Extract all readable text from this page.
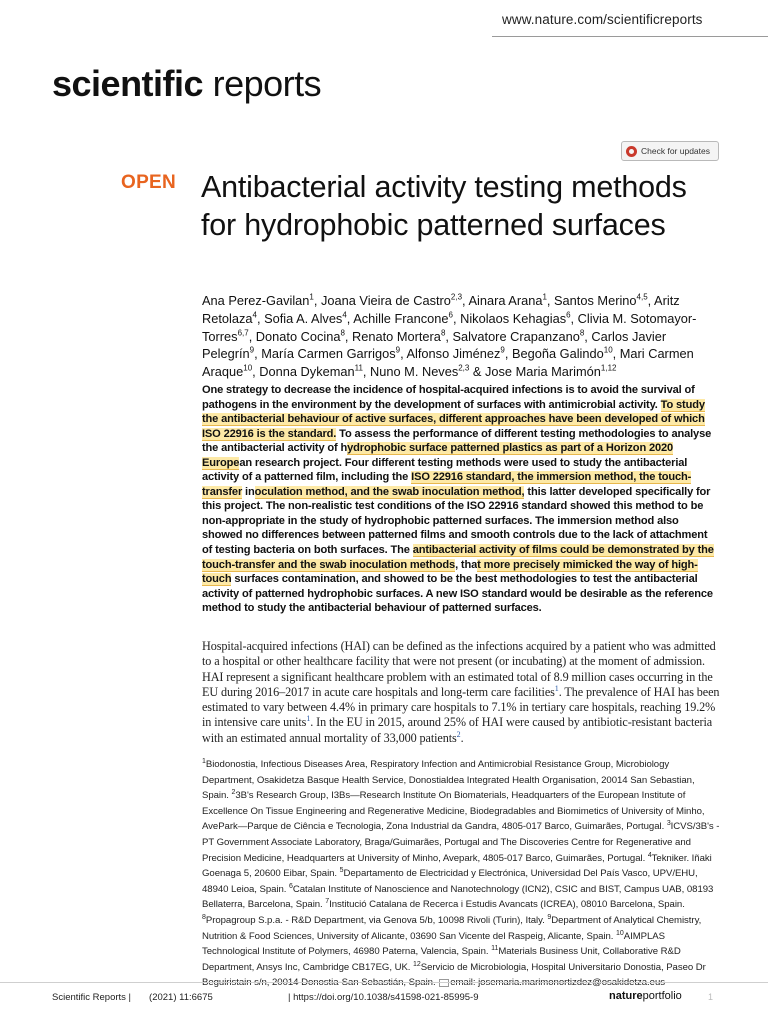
www.nature.com/scientificreports
scientific reports
Check for updates
OPEN Antibacterial activity testing methods for hydrophobic patterned surfaces

Ana Perez-Gavilan$^1$, Joana Vieira de Castro$^{2,3}$, Ainara Arana$^1$, Santos Merino$^{4,5}$, Aritz Retolaza$^4$, Sofia A. Alves$^4$, Achille Francone$^6$, Nikolaos Kehagias$^6$, Clivia M. Sotomayor-Torres$^{6,7}$, Donato Cocina$^8$, Renato Mortera$^8$, Salvatore Crapanzano$^8$, Carlos Javier Pelegrín$^9$, María Carmen Garrigos$^9$, Alfonso Jiménez$^9$, Begoña Galindo$^{10}$, Mari Carmen Araque$^{10}$, Donna Dykeman$^{11}$, Nuno M. Neves$^{2,3}$ & Jose Maria Marimón$^{1,12}$

One strategy to decrease the incidence of hospital-acquired infections is to avoid the survival of pathogens in the environment by the development of surfaces with antimicrobial activity. To study the antibacterial behaviour of active surfaces, different approaches have been developed of which ISO 22916 is the standard. To assess the performance of different testing methodologies to analyse the antibacterial activity of hydrophobic surface patterned plastics as part of a Horizon 2020 European research project. Four different testing methods were used to study the antibacterial activity of a patterned film, including the ISO 22916 standard, the immersion method, the touch-transfer inoculation method, and the swab inoculation method, this latter developed specifically for this project. The non-realistic test conditions of the ISO 22916 standard showed this method to be non-appropriate in the study of hydrophobic patterned surfaces. The immersion method also showed no differences between patterned films and smooth controls due to the lack of attachment of testing bacteria on both surfaces. The antibacterial activity of films could be demonstrated by the touch-transfer and the swab inoculation methods, that more precisely mimicked the way of high-touch surfaces contamination, and showed to be the best methodologies to test the antibacterial activity of patterned hydrophobic surfaces. A new ISO standard would be desirable as the reference method to study the antibacterial behaviour of patterned surfaces.

Hospital-acquired infections (HAI) can be defined as the infections acquired by a patient who was admitted to a hospital or other healthcare facility that were not present (or incubating) at the moment of admission. HAI represent a significant healthcare problem with an estimated total of 8.9 million cases occurring in the EU during 2016–2017 in acute care hospitals and long-term care facilities$^1$. The prevalence of HAI has been estimated to vary between 4.4% in primary care hospitals to 7.1% in tertiary care hospitals, reaching 19.2% in intensive care units$^1$. In the EU in 2015, around 25% of HAI were caused by antibiotic-resistant bacteria with an estimated annual mortality of 33,000 patients$^2$.

$^1$Biodonostia, Infectious Diseases Area, Respiratory Infection and Antimicrobial Resistance Group, Microbiology Department, Osakidetza Basque Health Service, Donostialdea Integrated Health Organisation, 20014 San Sebastian, Spain. $^2$3B's Research Group, I3Bs—Research Institute On Biomaterials, Headquarters of the European Institute of Excellence On Tissue Engineering and Regenerative Medicine, Biodegradables and Biomimetics of University of Minho, AvePark—Parque de Ciência e Tecnologia, Zona Industrial da Gandra, 4805-017 Barco, Guimarães, Portugal. $^3$ICVS/3B's - PT Government Associate Laboratory, Braga/Guimarães, Portugal and The Discoveries Centre for Regenerative and Precision Medicine, Headquarters at University of Minho, Avepark, 4805-017 Barco, Guimarães, Portugal. $^4$Tekniker. Iñaki Goenaga 5, 20600 Eibar, Spain. $^5$Departamento de Electricidad y Electrónica, Universidad Del País Vasco, UPV/EHU, 48940 Leioa, Spain. $^6$Catalan Institute of Nanoscience and Nanotechnology (ICN2), CSIC and BIST, Campus UAB, 08193 Bellaterra, Barcelona, Spain. $^7$Institució Catalana de Recerca i Estudis Avancats (ICREA), 08010 Barcelona, Spain. $^8$Propagroup S.p.a. - R&D Department, via Genova 5/b, 10098 Rivoli (Turin), Italy. $^9$Department of Analytical Chemistry, Nutrition & Food Sciences, University of Alicante, 03690 San Vicente del Raspeig, Alicante, Spain. $^{10}$AIMPLAS Technological Institute of Polymers, 46980 Paterna, Valencia, Spain. $^{11}$Materials Business Unit, Collaborative R&D Department, Ansys Inc, Cambridge CB17EG, UK. $^{12}$Servicio de Microbiologia, Hospital Universitario Donostia, Paseo Dr

Scientific Reports | (2021) 11:6675	| https://doi.org/10.1038/s41598-021-85995-9	natureportfolio	1
